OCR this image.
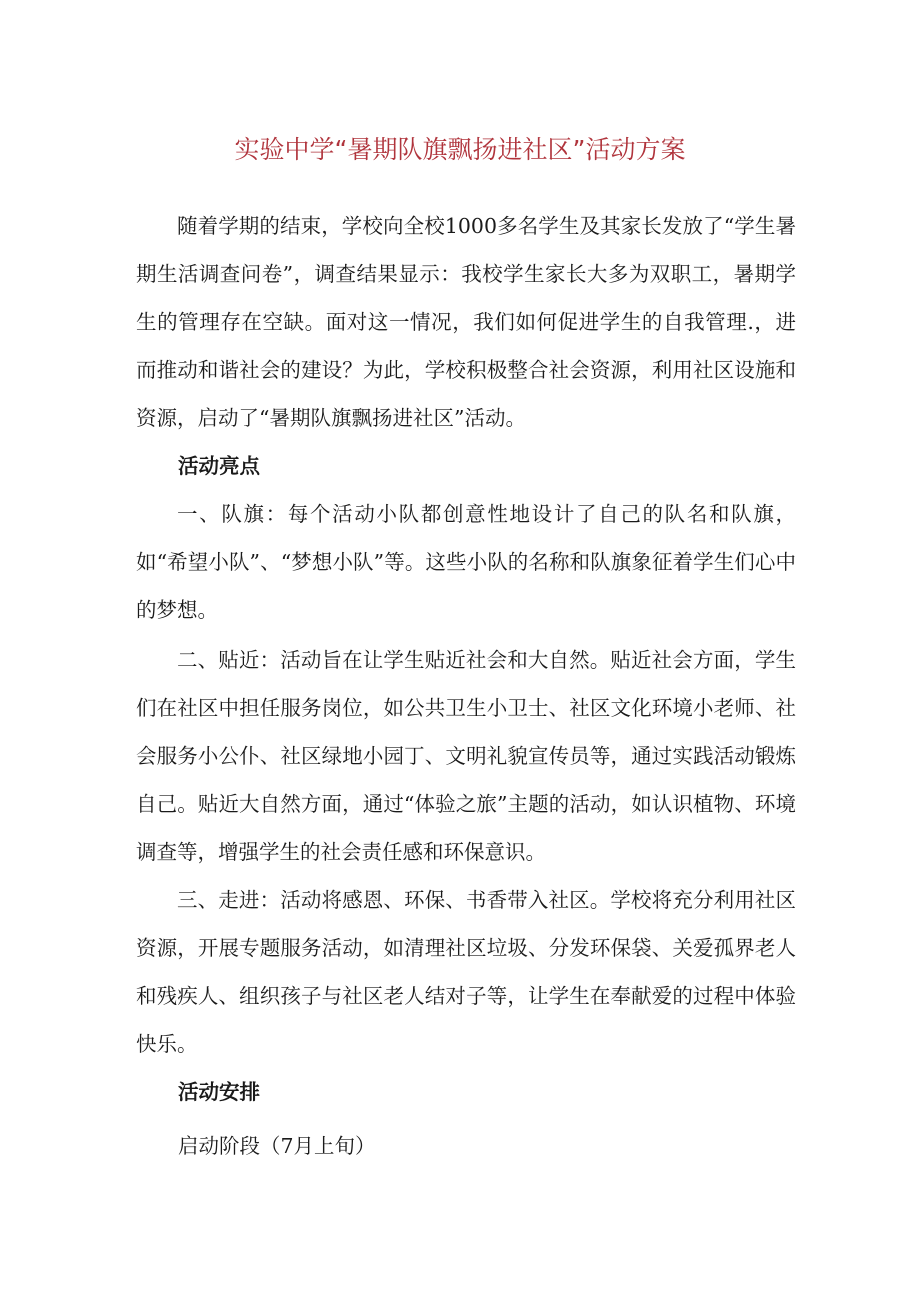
实验中学“暑期队旗飘扬进社区”活动方案

随着学期的结束，学校向全校1000多名学生及其家长发放了“学生暑期生活调查问卷”，调查结果显示：我校学生家长大多为双职工，暑期学生的管理存在空缺。面对这一情况，我们如何促进学生的自我管理.，进而推动和谐社会的建设？为此，学校积极整合社会资源，利用社区设施和资源，启动了“暑期队旗飘扬进社区”活动。

活动亮点

一、队旗：每个活动小队都创意性地设计了自己的队名和队旗，如“希望小队”、“梦想小队”等。这些小队的名称和队旗象征着学生们心中的梦想。

二、贴近：活动旨在让学生贴近社会和大自然。贴近社会方面，学生们在社区中担任服务岗位，如公共卫生小卫士、社区文化环境小老师、社会服务小公仆、社区绿地小园丁、文明礼貌宣传员等，通过实践活动锻炼自己。贴近大自然方面，通过“体验之旅”主题的活动，如认识植物、环境调查等，增强学生的社会责任感和环保意识。

三、走进：活动将感恩、环保、书香带入社区。学校将充分利用社区资源，开展专题服务活动，如清理社区垃圾、分发环保袋、关爱孤界老人和残疾人、组织孩子与社区老人结对子等，让学生在奉献爱的过程中体验快乐。

活动安排
启动阶段（7月上旬）
